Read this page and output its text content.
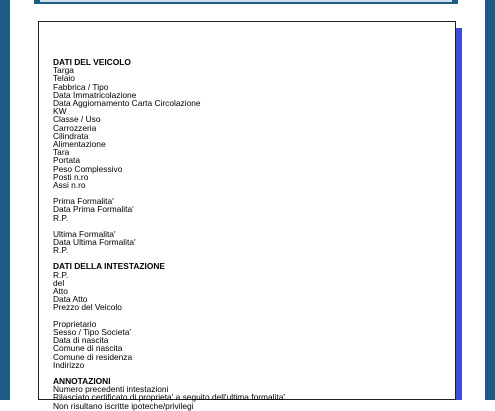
DATI DEL VEICOLO
Targa
Telaio
Fabbrica / Tipo
Data Immatricolazione
Data Aggiornamento Carta Circolazione
KW
Classe / Uso
Carrozzeria
Cilindrata
Alimentazione
Tara
Portata
Peso Complessivo
Posti n.ro
Assi n.ro
Prima Formalita'
Data Prima Formalita'
R.P.
Ultima Formalita'
Data Ultima Formalita'
R.P.
DATI DELLA INTESTAZIONE
R.P.
del
Atto
Data Atto
Prezzo del Veicolo
Proprietario
Sesso / Tipo Societa'
Data di nascita
Comune di nascita
Comune di residenza
Indirizzo
ANNOTAZIONI
Numero precedenti intestazioni
Rilasciato certificato di proprieta' a seguito dell'ultima formalita'
Non risultano iscritte ipoteche/privilegi
